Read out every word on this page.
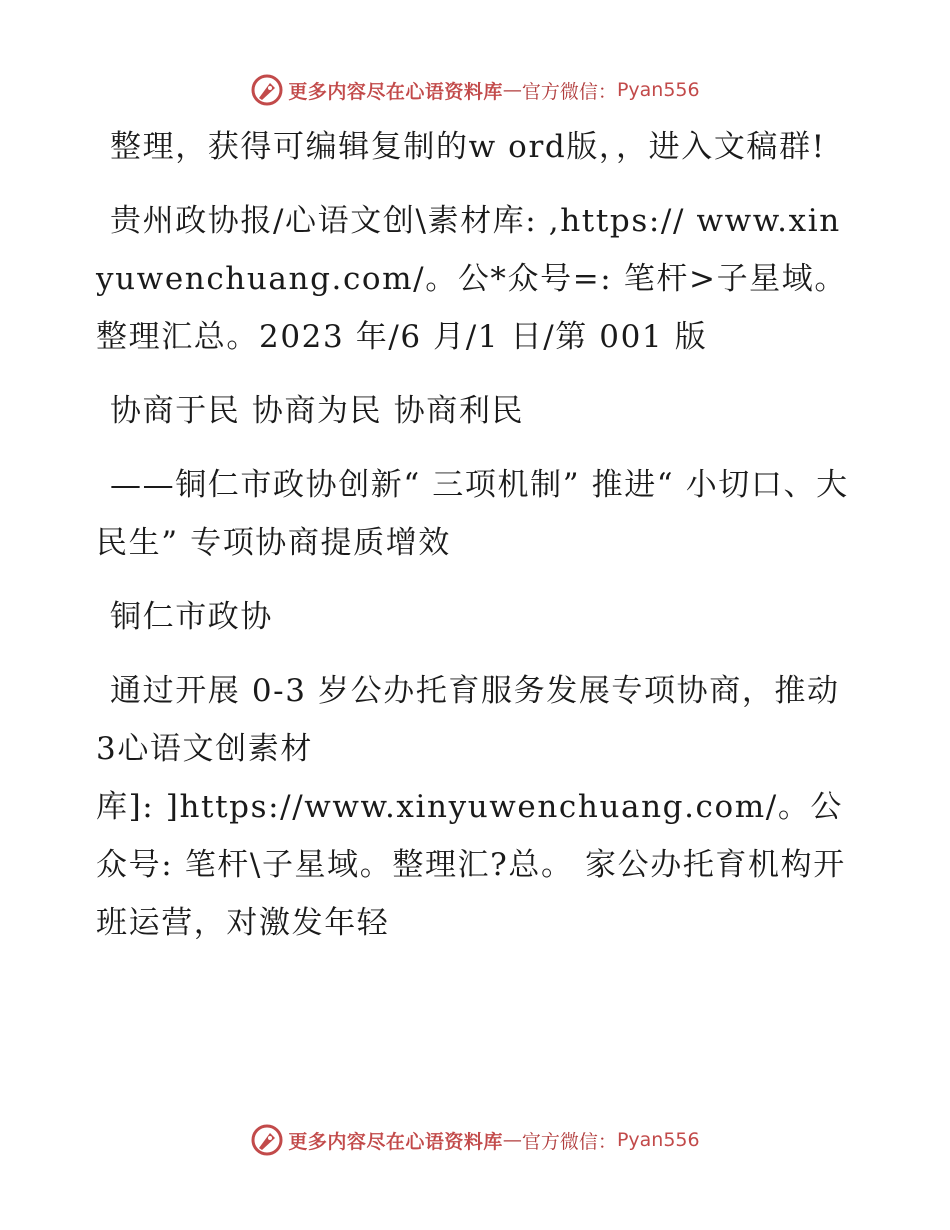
更多内容尽在心语资料库 — 官方微信： Pyan556

整理，获得可编辑复制的w ord版，，进入文稿群!

贵州政协报/心语文创\素材库: ,https:// www.xinyuwenchuang.com/。公*众号=: 笔杆>子星域。整理汇总。2023 年/6 月/1 日/第 001 版

协商于民 协商为民 协商利民

——铜仁市政协创新“ 三项机制” 推进“ 小切口、大民生” 专项协商提质增效

铜仁市政协

通过开展 0-3 岁公办托育服务发展专项协商，推动 3心语文创素材

库]: ]https://www.xinyuwenchuang.com/。公众号: 笔杆\子星域。整理汇?总。 家公办托育机构开班运营，对激发年轻

更多内容尽在心语资料库 — 官方微信： Pyan556
